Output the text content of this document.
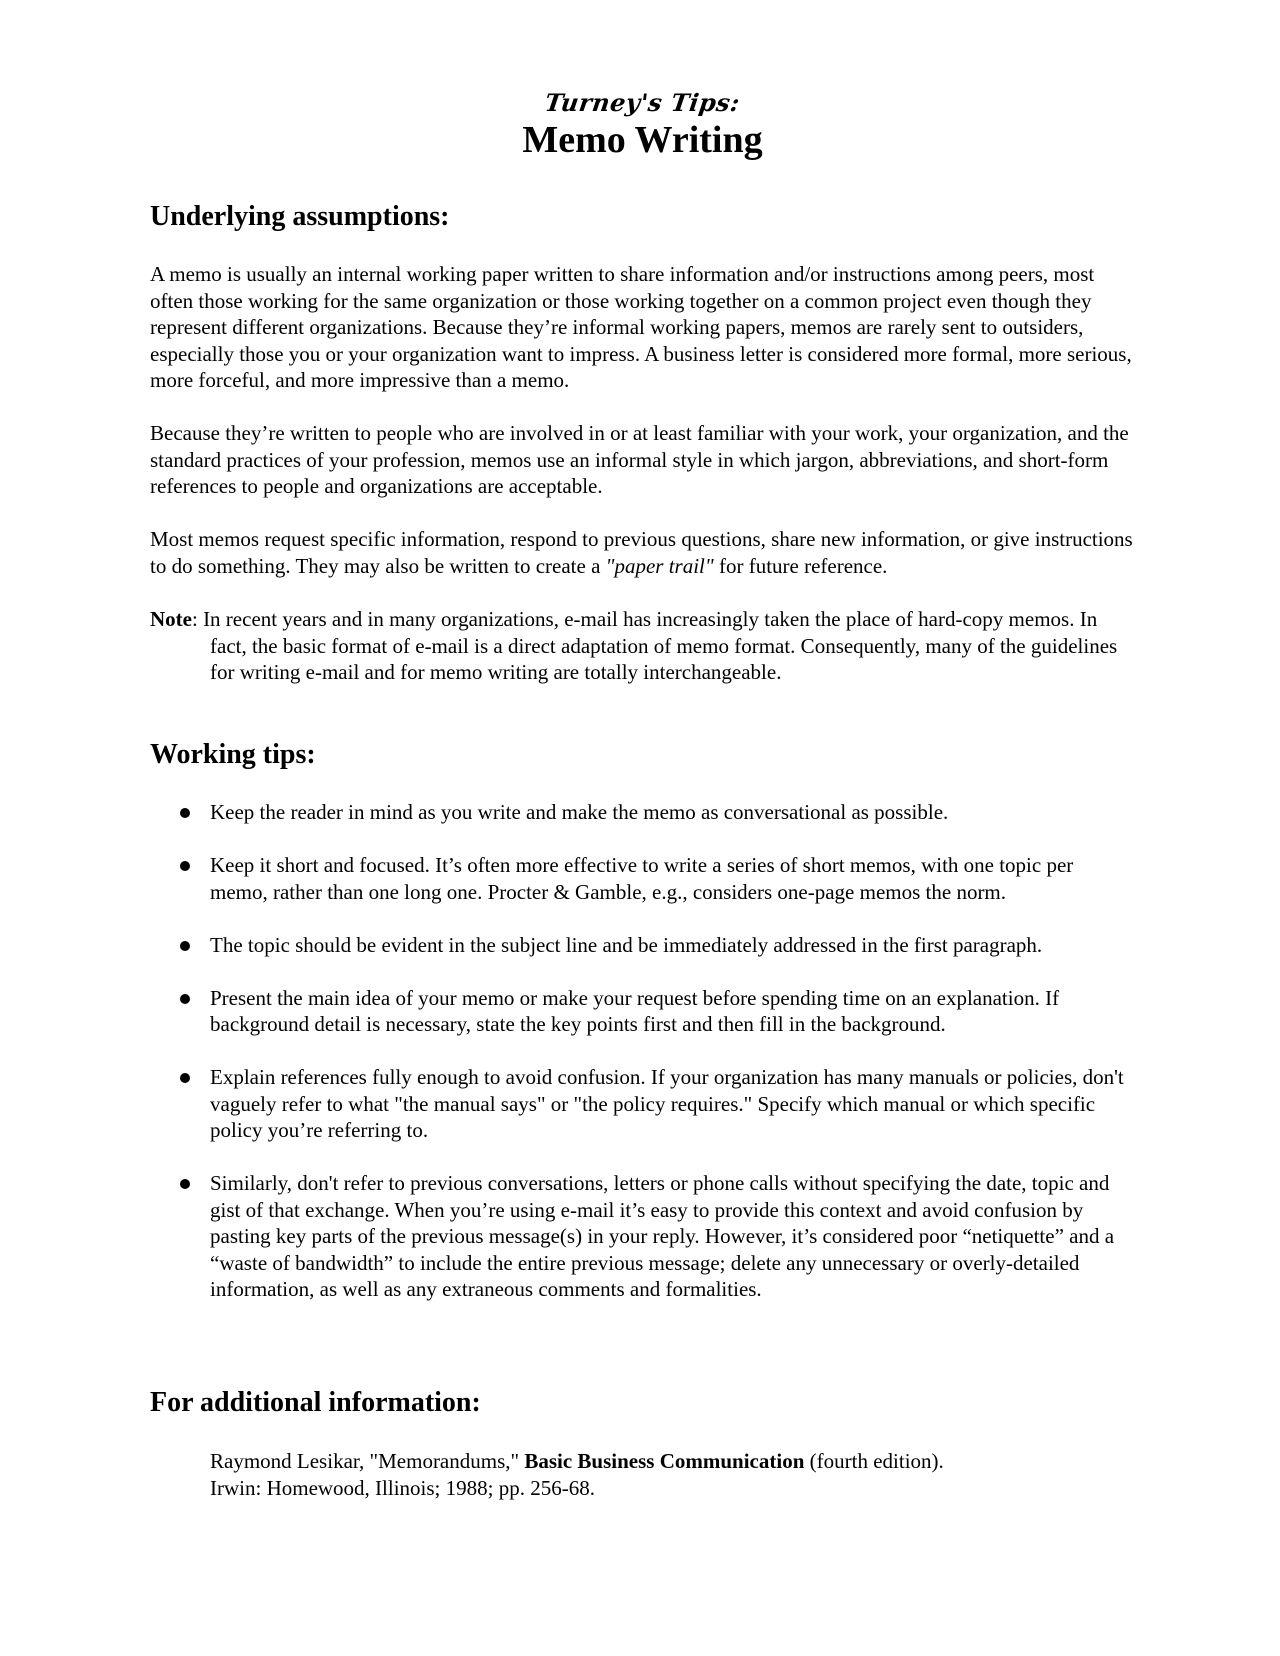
Turney's Tips:
Memo Writing
Underlying assumptions:

A memo is usually an internal working paper written to share information and/or instructions among peers, most often those working for the same organization or those working together on a common project even though they represent different organizations. Because they’re informal working papers, memos are rarely sent to outsiders, especially those you or your organization want to impress. A business letter is considered more formal, more serious, more forceful, and more impressive than a memo.

Because they’re written to people who are involved in or at least familiar with your work, your organization, and the standard practices of your profession, memos use an informal style in which jargon, abbreviations, and short-form references to people and organizations are acceptable.

Most memos request specific information, respond to previous questions, share new information, or give instructions to do something. They may also be written to create a "paper trail" for future reference.

Note: In recent years and in many organizations, e-mail has increasingly taken the place of hard-copy memos. In fact, the basic format of e-mail is a direct adaptation of memo format. Consequently, many of the guidelines for writing e-mail and for memo writing are totally interchangeable.
Working tips:
Keep the reader in mind as you write and make the memo as conversational as possible.
Keep it short and focused. It’s often more effective to write a series of short memos, with one topic per memo, rather than one long one. Procter & Gamble, e.g., considers one-page memos the norm.
The topic should be evident in the subject line and be immediately addressed in the first paragraph.
Present the main idea of your memo or make your request before spending time on an explanation. If background detail is necessary, state the key points first and then fill in the background.
Explain references fully enough to avoid confusion. If your organization has many manuals or policies, don't vaguely refer to what "the manual says" or "the policy requires." Specify which manual or which specific policy you’re referring to.
Similarly, don't refer to previous conversations, letters or phone calls without specifying the date, topic and gist of that exchange. When you’re using e-mail it’s easy to provide this context and avoid confusion by pasting key parts of the previous message(s) in your reply. However, it’s considered poor “netiquette” and a “waste of bandwidth” to include the entire previous message; delete any unnecessary or overly-detailed information, as well as any extraneous comments and formalities.
For additional information:

Raymond Lesikar, "Memorandums," Basic Business Communication (fourth edition).

Irwin: Homewood, Illinois; 1988; pp. 256-68.
